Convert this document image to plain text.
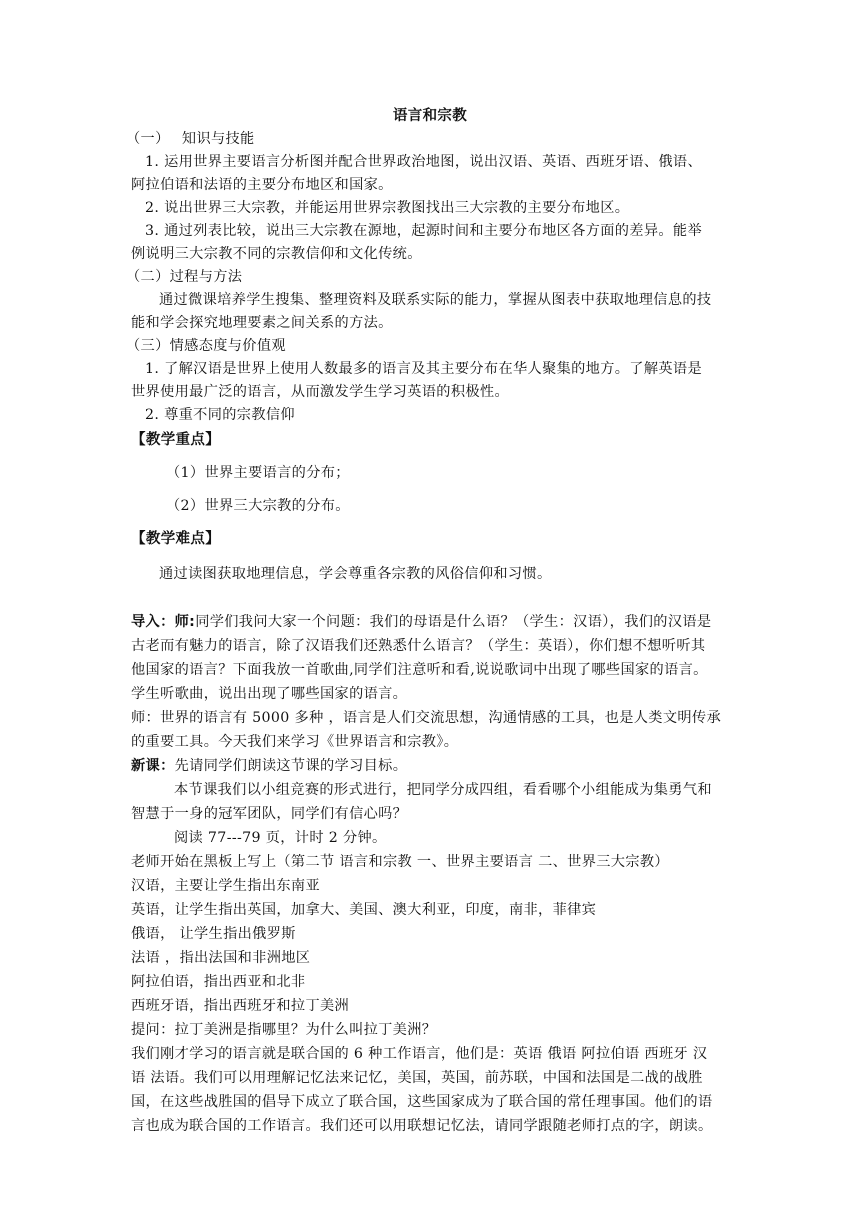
语言和宗教
（一）　 知识与技能
1. 运用世界主要语言分析图并配合世界政治地图，说出汉语、英语、西班牙语、俄语、
阿拉伯语和法语的主要分布地区和国家。
2. 说出世界三大宗教，并能运用世界宗教图找出三大宗教的主要分布地区。
3. 通过列表比较，说出三大宗教在源地，起源时间和主要分布地区各方面的差异。能举
例说明三大宗教不同的宗教信仰和文化传统。
（二）过程与方法
通过微课培养学生搜集、整理资料及联系实际的能力，掌握从图表中获取地理信息的技
能和学会探究地理要素之间关系的方法。
（三）情感态度与价值观
1. 了解汉语是世界上使用人数最多的语言及其主要分布在华人聚集的地方。了解英语是
世界使用最广泛的语言，从而激发学生学习英语的积极性。
2. 尊重不同的宗教信仰
【教学重点】
（1）世界主要语言的分布；
（2）世界三大宗教的分布。
【教学难点】
通过读图获取地理信息，学会尊重各宗教的风俗信仰和习惯。
导入：师:同学们我问大家一个问题：我们的母语是什么语？（学生：汉语），我们的汉语是
古老而有魅力的语言，除了汉语我们还熟悉什么语言？（学生：英语），你们想不想听听其
他国家的语言？下面我放一首歌曲,同学们注意听和看,说说歌词中出现了哪些国家的语言。
学生听歌曲，说出出现了哪些国家的语言。
师：世界的语言有 5000 多种 ，语言是人们交流思想，沟通情感的工具，也是人类文明传承
的重要工具。今天我们来学习《世界语言和宗教》。
新课：先请同学们朗读这节课的学习目标。
本节课我们以小组竞赛的形式进行，把同学分成四组，看看哪个小组能成为集勇气和
智慧于一身的冠军团队，同学们有信心吗？
阅读 77---79 页，计时 2 分钟。
老师开始在黑板上写上（第二节 语言和宗教 一、世界主要语言 二、世界三大宗教）
汉语，主要让学生指出东南亚
英语，让学生指出英国，加拿大、美国、澳大利亚，印度，南非，菲律宾
俄语， 让学生指出俄罗斯
法语 ，指出法国和非洲地区
阿拉伯语，指出西亚和北非
西班牙语，指出西班牙和拉丁美洲
提问：拉丁美洲是指哪里？为什么叫拉丁美洲？
我们刚才学习的语言就是联合国的 6 种工作语言，他们是：英语 俄语 阿拉伯语 西班牙 汉
语 法语。我们可以用理解记忆法来记忆，美国，英国，前苏联，中国和法国是二战的战胜
国，在这些战胜国的倡导下成立了联合国，这些国家成为了联合国的常任理事国。他们的语
言也成为联合国的工作语言。我们还可以用联想记忆法，请同学跟随老师打点的字，朗读。
